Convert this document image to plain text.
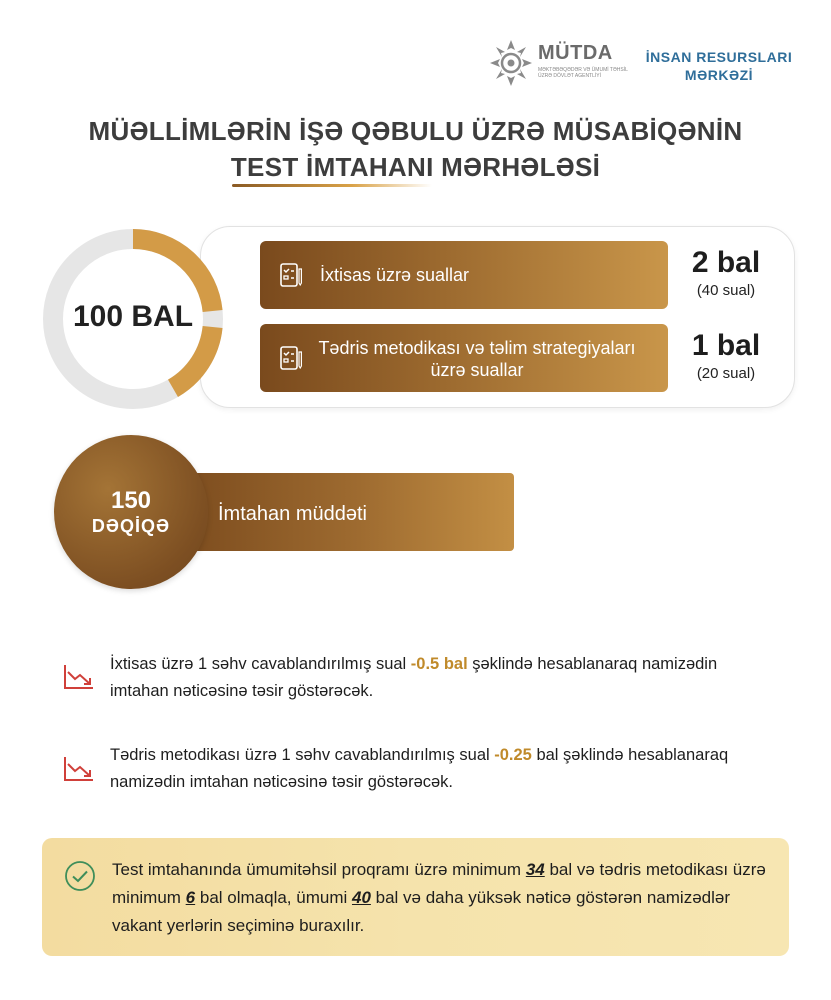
MÜTDA
MƏKTƏBƏQƏDƏR VƏ ÜMUMİ TƏHSİL ÜZRƏ DÖVLƏT AGENTLİYİ
İNSAN RESURSLARI
MƏRKƏZİ
MÜƏLLİMLƏRİN İŞƏ QƏBULU ÜZRƏ MÜSABİQƏNİN
TEST İMTAHANI MƏRHƏLƏSİ
100 BAL
İxtisas üzrə suallar	2 bal
(40 sual)
Tədris metodikası və təlim strategiyaları üzrə suallar
1 bal
(20 sual)
İmtahan müddəti
150
DƏQİQƏ
İxtisas üzrə 1 səhv cavablandırılmış sual -0.5 bal şəklində hesablanaraq namizədin imtahan nəticəsinə təsir göstərəcək.
Tədris metodikası üzrə 1 səhv cavablandırılmış sual -0.25 bal şəklində hesablanaraq namizədin imtahan nəticəsinə təsir göstərəcək.
Test imtahanında ümumitəhsil proqramı üzrə minimum 34 bal və tədris metodikası üzrə minimum 6 bal olmaqla, ümumi 40 bal və daha yüksək nəticə göstərən namizədlər vakant yerlərin seçiminə buraxılır.
